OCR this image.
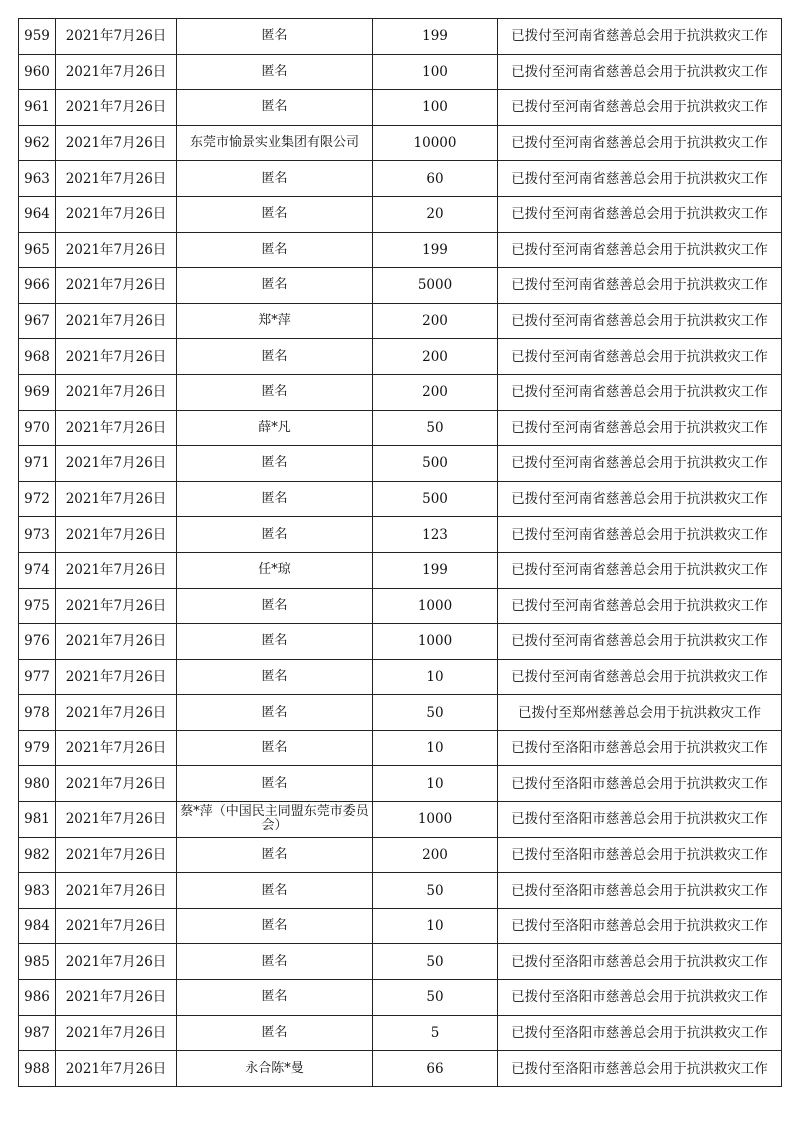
959	2021年7月26日	匿名	199	已拨付至河南省慈善总会用于抗洪救灾工作
960	2021年7月26日	匿名	100	已拨付至河南省慈善总会用于抗洪救灾工作
961	2021年7月26日	匿名	100	已拨付至河南省慈善总会用于抗洪救灾工作
962	2021年7月26日	东莞市愉景实业集团有限公司	10000	已拨付至河南省慈善总会用于抗洪救灾工作
963	2021年7月26日	匿名	60	已拨付至河南省慈善总会用于抗洪救灾工作
964	2021年7月26日	匿名	20	已拨付至河南省慈善总会用于抗洪救灾工作
965	2021年7月26日	匿名	199	已拨付至河南省慈善总会用于抗洪救灾工作
966	2021年7月26日	匿名	5000	已拨付至河南省慈善总会用于抗洪救灾工作
967	2021年7月26日	郑*萍	200	已拨付至河南省慈善总会用于抗洪救灾工作
968	2021年7月26日	匿名	200	已拨付至河南省慈善总会用于抗洪救灾工作
969	2021年7月26日	匿名	200	已拨付至河南省慈善总会用于抗洪救灾工作
970	2021年7月26日	薛*凡	50	已拨付至河南省慈善总会用于抗洪救灾工作
971	2021年7月26日	匿名	500	已拨付至河南省慈善总会用于抗洪救灾工作
972	2021年7月26日	匿名	500	已拨付至河南省慈善总会用于抗洪救灾工作
973	2021年7月26日	匿名	123	已拨付至河南省慈善总会用于抗洪救灾工作
974	2021年7月26日	任*琼	199	已拨付至河南省慈善总会用于抗洪救灾工作
975	2021年7月26日	匿名	1000	已拨付至河南省慈善总会用于抗洪救灾工作
976	2021年7月26日	匿名	1000	已拨付至河南省慈善总会用于抗洪救灾工作
977	2021年7月26日	匿名	10	已拨付至河南省慈善总会用于抗洪救灾工作
978	2021年7月26日	匿名	50	已拨付至郑州慈善总会用于抗洪救灾工作
979	2021年7月26日	匿名	10	已拨付至洛阳市慈善总会用于抗洪救灾工作
980	2021年7月26日	匿名	10	已拨付至洛阳市慈善总会用于抗洪救灾工作
981	2021年7月26日	蔡*萍（中国民主同盟东莞市委员会）	1000	已拨付至洛阳市慈善总会用于抗洪救灾工作
982	2021年7月26日	匿名	200	已拨付至洛阳市慈善总会用于抗洪救灾工作
983	2021年7月26日	匿名	50	已拨付至洛阳市慈善总会用于抗洪救灾工作
984	2021年7月26日	匿名	10	已拨付至洛阳市慈善总会用于抗洪救灾工作
985	2021年7月26日	匿名	50	已拨付至洛阳市慈善总会用于抗洪救灾工作
986	2021年7月26日	匿名	50	已拨付至洛阳市慈善总会用于抗洪救灾工作
987	2021年7月26日	匿名	5	已拨付至洛阳市慈善总会用于抗洪救灾工作
988	2021年7月26日	永合陈*曼	66	已拨付至洛阳市慈善总会用于抗洪救灾工作
